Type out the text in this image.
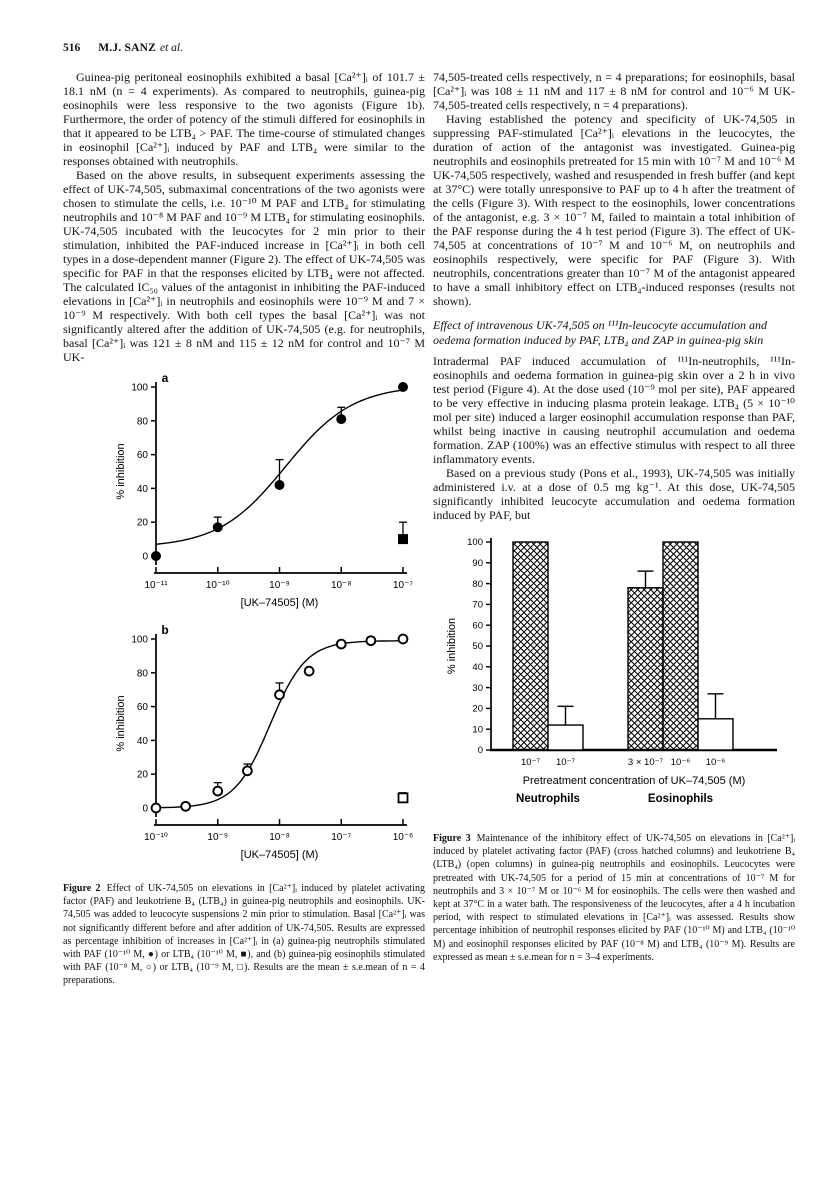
516 M.J. SANZ et al.

Guinea-pig peritoneal eosinophils exhibited a basal [Ca²⁺]ᵢ of 101.7 ± 18.1 nM (n = 4 experiments). As compared to neutrophils, guinea-pig eosinophils were less responsive to the two agonists (Figure 1b). Furthermore, the order of potency of the stimuli differed for eosinophils in that it appeared to be LTB₄ > PAF. The time-course of stimulated changes in eosinophil [Ca²⁺]ᵢ induced by PAF and LTB₄ were similar to the responses obtained with neutrophils.

Based on the above results, in subsequent experiments assessing the effect of UK-74,505, submaximal concentrations of the two agonists were chosen to stimulate the cells, i.e. 10⁻¹⁰ M PAF and LTB₄ for stimulating neutrophils and 10⁻⁸ M PAF and 10⁻⁹ M LTB₄ for stimulating eosinophils. UK-74,505 incubated with the leucocytes for 2 min prior to their stimulation, inhibited the PAF-induced increase in [Ca²⁺]ᵢ in both cell types in a dose-dependent manner (Figure 2). The effect of UK-74,505 was specific for PAF in that the responses elicited by LTB₄ were not affected. The calculated IC₅₀ values of the antagonist in inhibiting the PAF-induced elevations in [Ca²⁺]ᵢ in neutrophils and eosinophils were 10⁻⁹ M and 7 × 10⁻⁹ M respectively. With both cell types the basal [Ca²⁺]ᵢ was not significantly altered after the addition of UK-74,505 (e.g. for neutrophils, basal [Ca²⁺]ᵢ was 121 ± 8 nM and 115 ± 12 nM for control and 10⁻⁷ M UK-

0
20
40
60
80
100
% inhibition
10⁻¹¹	10⁻¹⁰	10⁻⁹	10⁻⁸	10⁻⁷
[UK–74505] (M)
a
0
20
40
60
80
100
% inhibition
10⁻¹⁰	10⁻⁹	10⁻⁸	10⁻⁷	10⁻⁶
[UK–74505] (M)
b

Figure 2 Effect of UK-74,505 on elevations in [Ca²⁺]ᵢ induced by platelet activating factor (PAF) and leukotriene B₄ (LTB₄) in guinea-pig neutrophils and eosinophils. UK-74,505 was added to leucocyte suspensions 2 min prior to stimulation. Basal [Ca²⁺]ᵢ was not significantly different before and after addition of UK-74,505. Results are expressed as percentage inhibition of increases in [Ca²⁺]ᵢ in (a) guinea-pig neutrophils stimulated with PAF (10⁻¹⁰ M, ●) or LTB₄ (10⁻¹⁰ M, ■), and (b) guinea-pig eosinophils stimulated with PAF (10⁻⁸ M, ○) or LTB₄ (10⁻⁹ M, □). Results are the mean ± s.e.mean of n = 4 preparations.

74,505-treated cells respectively, n = 4 preparations; for eosinophils, basal [Ca²⁺]ᵢ was 108 ± 11 nM and 117 ± 8 nM for control and 10⁻⁶ M UK-74,505-treated cells respectively, n = 4 preparations).

Having established the potency and specificity of UK-74,505 in suppressing PAF-stimulated [Ca²⁺]ᵢ elevations in the leucocytes, the duration of action of the antagonist was investigated. Guinea-pig neutrophils and eosinophils pretreated for 15 min with 10⁻⁷ M and 10⁻⁶ M UK-74,505 respectively, washed and resuspended in fresh buffer (and kept at 37°C) were totally unresponsive to PAF up to 4 h after the treatment of the cells (Figure 3). With respect to the eosinophils, lower concentrations of the antagonist, e.g. 3 × 10⁻⁷ M, failed to maintain a total inhibition of the PAF response during the 4 h test period (Figure 3). The effect of UK-74,505 at concentrations of 10⁻⁷ M and 10⁻⁶ M, on neutrophils and eosinophils respectively, were specific for PAF (Figure 3). With neutrophils, concentrations greater than 10⁻⁷ M of the antagonist appeared to have a small inhibitory effect on LTB₄-induced responses (results not shown).

Effect of intravenous UK-74,505 on ¹¹¹In-leucocyte accumulation and oedema formation induced by PAF, LTB₄ and ZAP in guinea-pig skin

Intradermal PAF induced accumulation of ¹¹¹In-neutrophils, ¹¹¹In-eosinophils and oedema formation in guinea-pig skin over a 2 h in vivo test period (Figure 4). At the dose used (10⁻⁹ mol per site), PAF appeared to be very effective in inducing plasma protein leakage. LTB₄ (5 × 10⁻¹⁰ mol per site) induced a larger eosinophil accumulation response than PAF, whilst being inactive in causing neutrophil accumulation and oedema formation. ZAP (100%) was an effective stimulus with respect to all three inflammatory events.

Based on a previous study (Pons et al., 1993), UK-74,505 was initially administered i.v. at a dose of 0.5 mg kg⁻¹. At this dose, UK-74,505 significantly inhibited leucocyte accumulation and oedema formation induced by PAF, but

0
10
20
30
40
50
60
70
80
90
100
% inhibition
10⁻⁷ 10⁻⁷
Neutrophils
3 × 10⁻⁷ 10⁻⁶ 10⁻⁶
Eosinophils
Pretreatment concentration of UK–74,505 (M)

Figure 3 Maintenance of the inhibitory effect of UK-74,505 on elevations in [Ca²⁺]ᵢ induced by platelet activating factor (PAF) (cross hatched columns) and leukotriene B₄ (LTB₄) (open columns) in guinea-pig neutrophils and eosinophils. Leucocytes were pretreated with UK-74,505 for a period of 15 min at concentrations of 10⁻⁷ M for neutrophils and 3 × 10⁻⁷ M or 10⁻⁶ M for eosinophils. The cells were then washed and kept at 37°C in a water bath. The responsiveness of the leucocytes, after a 4 h incubation period, with respect to stimulated elevations in [Ca²⁺]ᵢ was assessed. Results show percentage inhibition of neutrophil responses elicited by PAF (10⁻¹⁰ M) and LTB₄ (10⁻¹⁰ M) and eosinophil responses elicited by PAF (10⁻⁸ M) and LTB₄ (10⁻⁹ M). Results are expressed as mean ± s.e.mean for n = 3–4 experiments.
